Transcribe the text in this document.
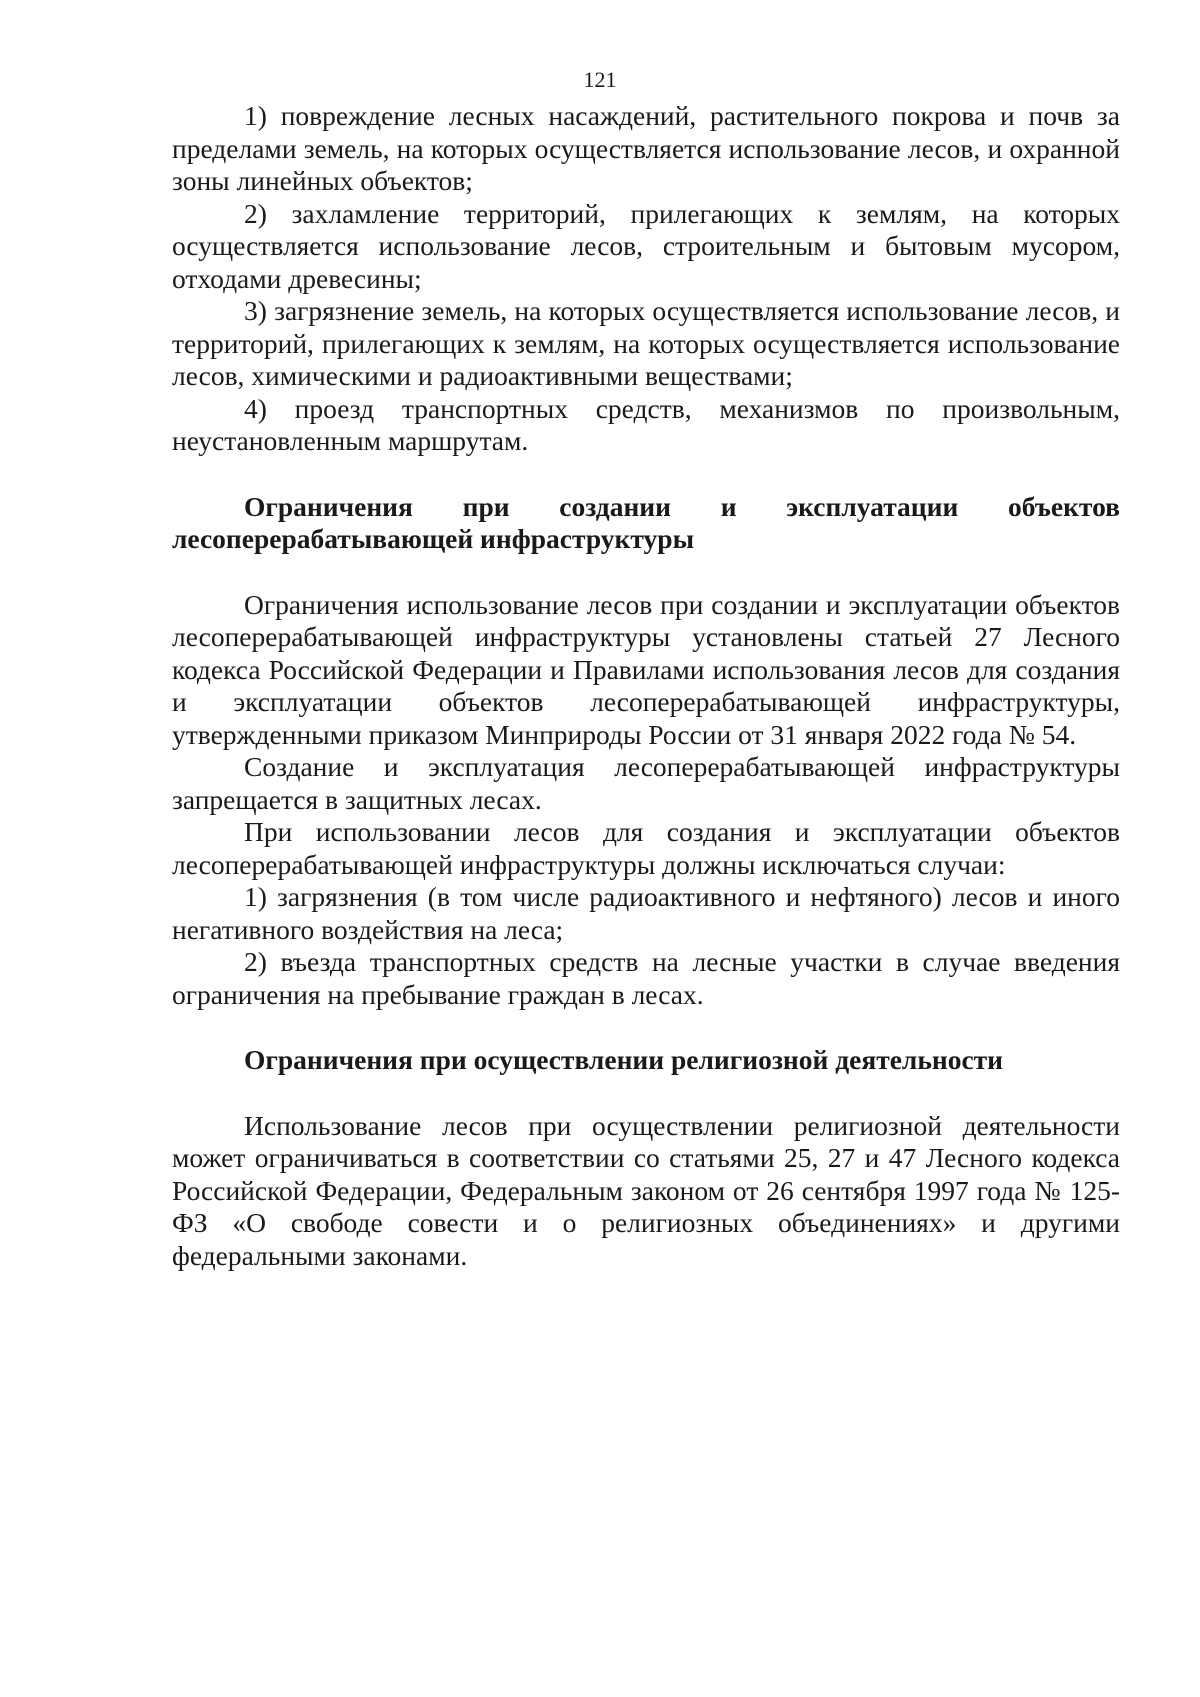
121

1) повреждение лесных насаждений, растительного покрова и почв за пределами земель, на которых осуществляется использование лесов, и охранной зоны линейных объектов;

2) захламление территорий, прилегающих к землям, на которых осуществляется использование лесов, строительным и бытовым мусором, отходами древесины;

3) загрязнение земель, на которых осуществляется использование лесов, и территорий, прилегающих к землям, на которых осуществляется использование лесов, химическими и радиоактивными веществами;

4) проезд транспортных средств, механизмов по произвольным, неустановленным маршрутам.

Ограничения при создании и эксплуатации объектов лесоперерабатывающей инфраструктуры

Ограничения использование лесов при создании и эксплуатации объектов лесоперерабатывающей инфраструктуры установлены статьей 27 Лесного кодекса Российской Федерации и Правилами использования лесов для создания и эксплуатации объектов лесоперерабатывающей инфраструктуры, утвержденными приказом Минприроды России от 31 января 2022 года № 54.

Создание и эксплуатация лесоперерабатывающей инфраструктуры запрещается в защитных лесах.

При использовании лесов для создания и эксплуатации объектов лесоперерабатывающей инфраструктуры должны исключаться случаи:

1) загрязнения (в том числе радиоактивного и нефтяного) лесов и иного негативного воздействия на леса;

2) въезда транспортных средств на лесные участки в случае введения ограничения на пребывание граждан в лесах.

Ограничения при осуществлении религиозной деятельности

Использование лесов при осуществлении религиозной деятельности может ограничиваться в соответствии со статьями 25, 27 и 47 Лесного кодекса Российской Федерации, Федеральным законом от 26 сентября 1997 года № 125-ФЗ «О свободе совести и о религиозных объединениях» и другими федеральными законами.
